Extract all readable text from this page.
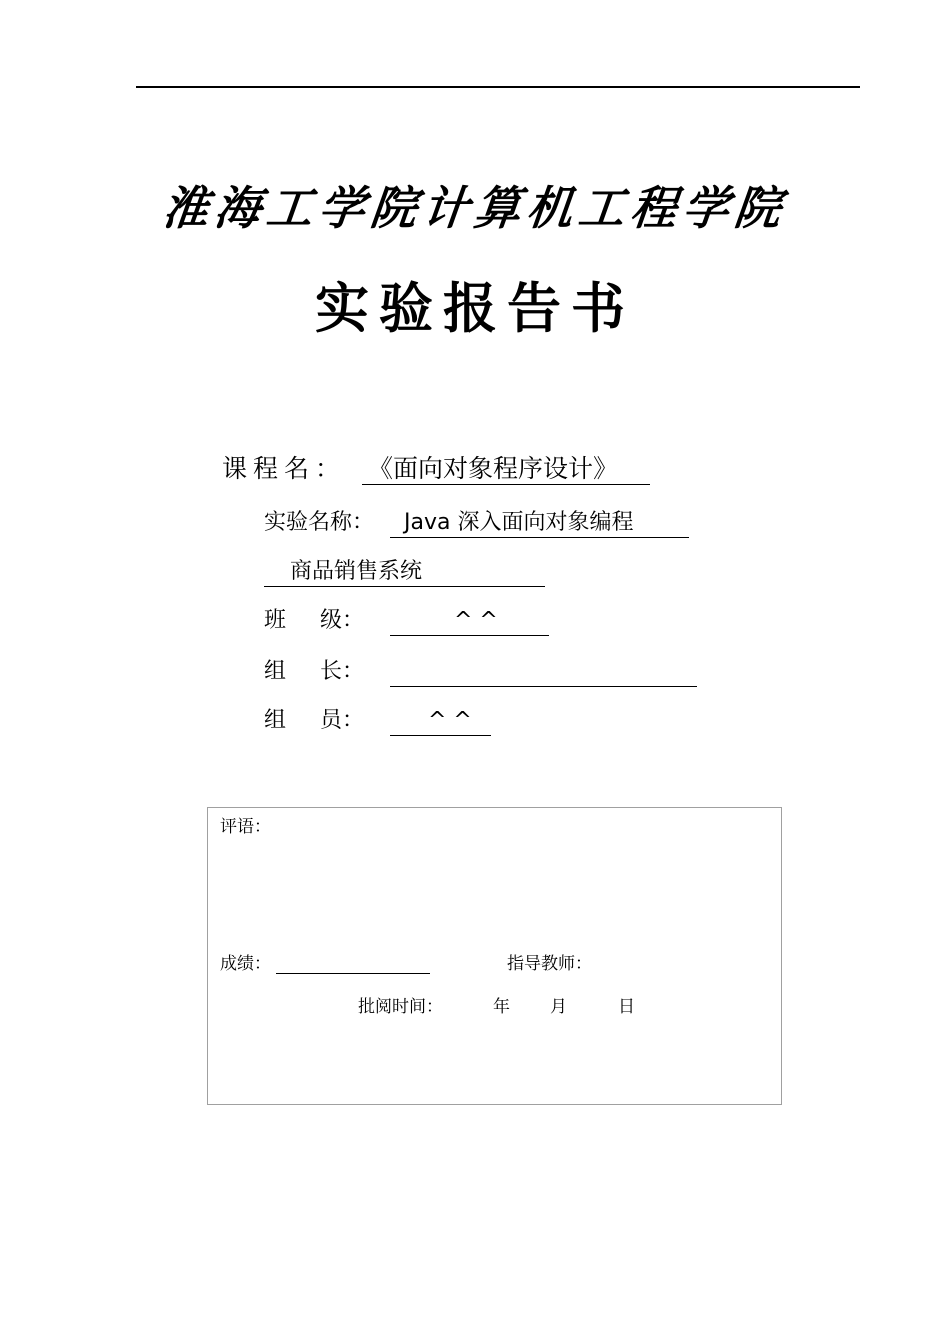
淮海工学院计算机工程学院
实验报告书
课程名： 《面向对象程序设计》
实验名称：	Java 深入面向对象编程
商品销售系统
班 级：	^ ^
组 长：
组 员：	^ ^
评语：
成绩：	指导教师：
批阅时间：	年 月	日
